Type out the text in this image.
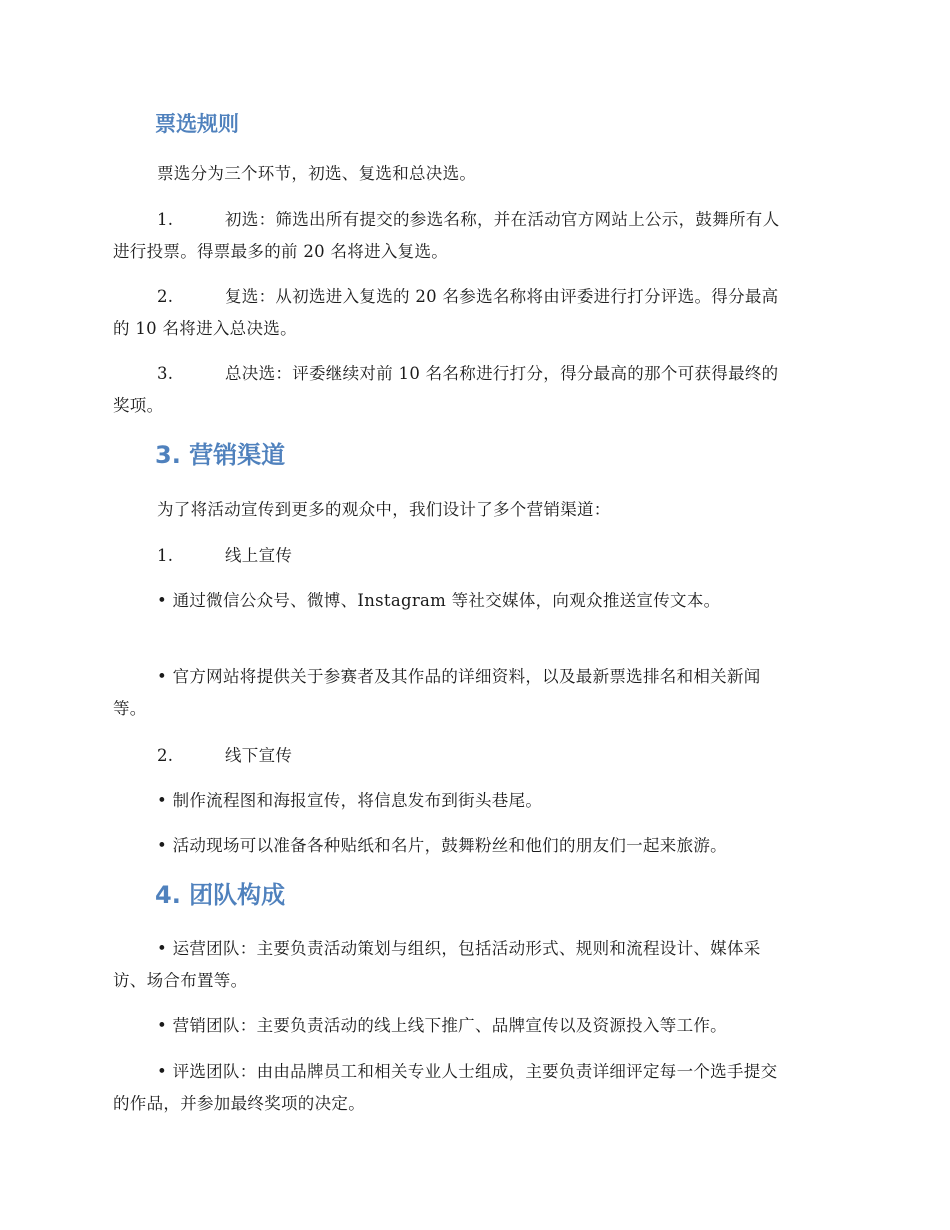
票选规则
票选分为三个环节，初选、复选和总决选。
1.	初选：筛选出所有提交的参选名称，并在活动官方网站上公示，鼓舞所有人
进行投票。得票最多的前 20 名将进入复选。
2.	复选：从初选进入复选的 20 名参选名称将由评委进行打分评选。得分最高
的 10 名将进入总决选。
3.	总决选：评委继续对前 10 名名称进行打分，得分最高的那个可获得最终的
奖项。
3. 营销渠道
为了将活动宣传到更多的观众中，我们设计了多个营销渠道：
1.	线上宣传
• 通过微信公众号、微博、Instagram 等社交媒体，向观众推送宣传文本。
• 官方网站将提供关于参赛者及其作品的详细资料，以及最新票选排名和相关新闻
等。
2.	线下宣传
• 制作流程图和海报宣传，将信息发布到街头巷尾。
• 活动现场可以准备各种贴纸和名片，鼓舞粉丝和他们的朋友们一起来旅游。
4. 团队构成
• 运营团队：主要负责活动策划与组织，包括活动形式、规则和流程设计、媒体采
访、场合布置等。
• 营销团队：主要负责活动的线上线下推广、品牌宣传以及资源投入等工作。
• 评选团队：由由品牌员工和相关专业人士组成，主要负责详细评定每一个选手提交
的作品，并参加最终奖项的决定。
